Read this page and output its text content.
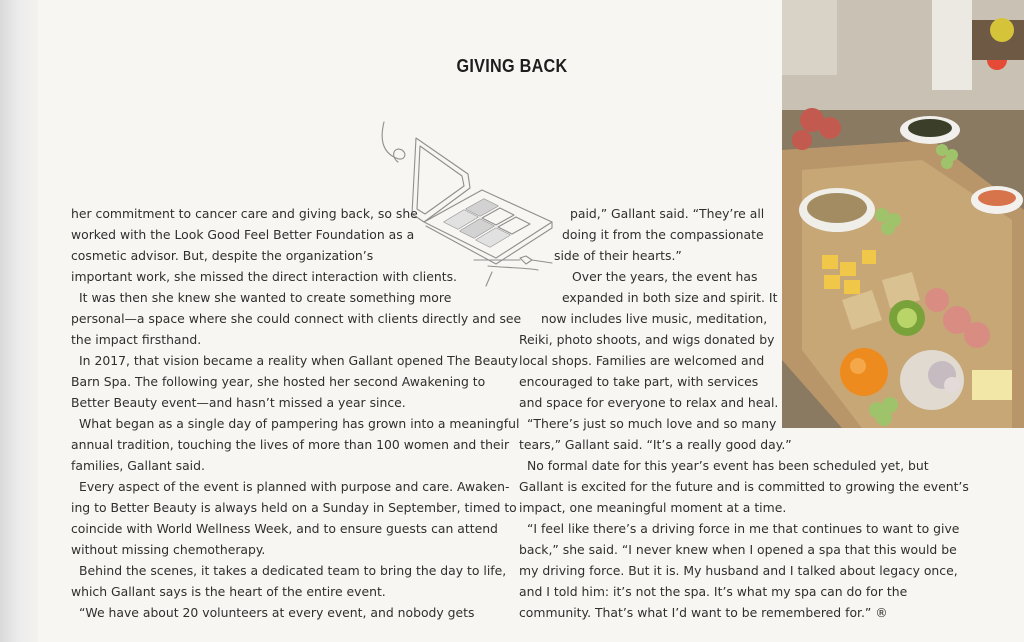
GIVING BACK
her commitment to cancer care and giving back, so she
worked with the Look Good Feel Better Foundation as a
cosmetic advisor. But, despite the organization’s
important work, she missed the direct interaction with clients.
It was then she knew she wanted to create something more
personal—a space where she could connect with clients directly and see
the impact firsthand.
In 2017, that vision became a reality when Gallant opened The Beauty
Barn Spa. The following year, she hosted her second Awakening to
Better Beauty event—and hasn’t missed a year since.
What began as a single day of pampering has grown into a meaningful
annual tradition, touching the lives of more than 100 women and their
families, Gallant said.
Every aspect of the event is planned with purpose and care. Awaken-
ing to Better Beauty is always held on a Sunday in September, timed to
coincide with World Wellness Week, and to ensure guests can attend
without missing chemotherapy.
Behind the scenes, it takes a dedicated team to bring the day to life,
which Gallant says is the heart of the entire event.
“We have about 20 volunteers at every event, and nobody gets
paid,” Gallant said. “They’re all
doing it from the compassionate
side of their hearts.”
Over the years, the event has
expanded in both size and spirit. It
now includes live music, meditation,
Reiki, photo shoots, and wigs donated by
local shops. Families are welcomed and
encouraged to take part, with services
and space for everyone to relax and heal.
“There’s just so much love and so many
tears,” Gallant said. “It’s a really good day.”
No formal date for this year’s event has been scheduled yet, but
Gallant is excited for the future and is committed to growing the event’s
impact, one meaningful moment at a time.
“I feel like there’s a driving force in me that continues to want to give
back,” she said. “I never knew when I opened a spa that this would be
my driving force. But it is. My husband and I talked about legacy once,
and I told him: it’s not the spa. It’s what my spa can do for the
community. That’s what I’d want to be remembered for.” ®
